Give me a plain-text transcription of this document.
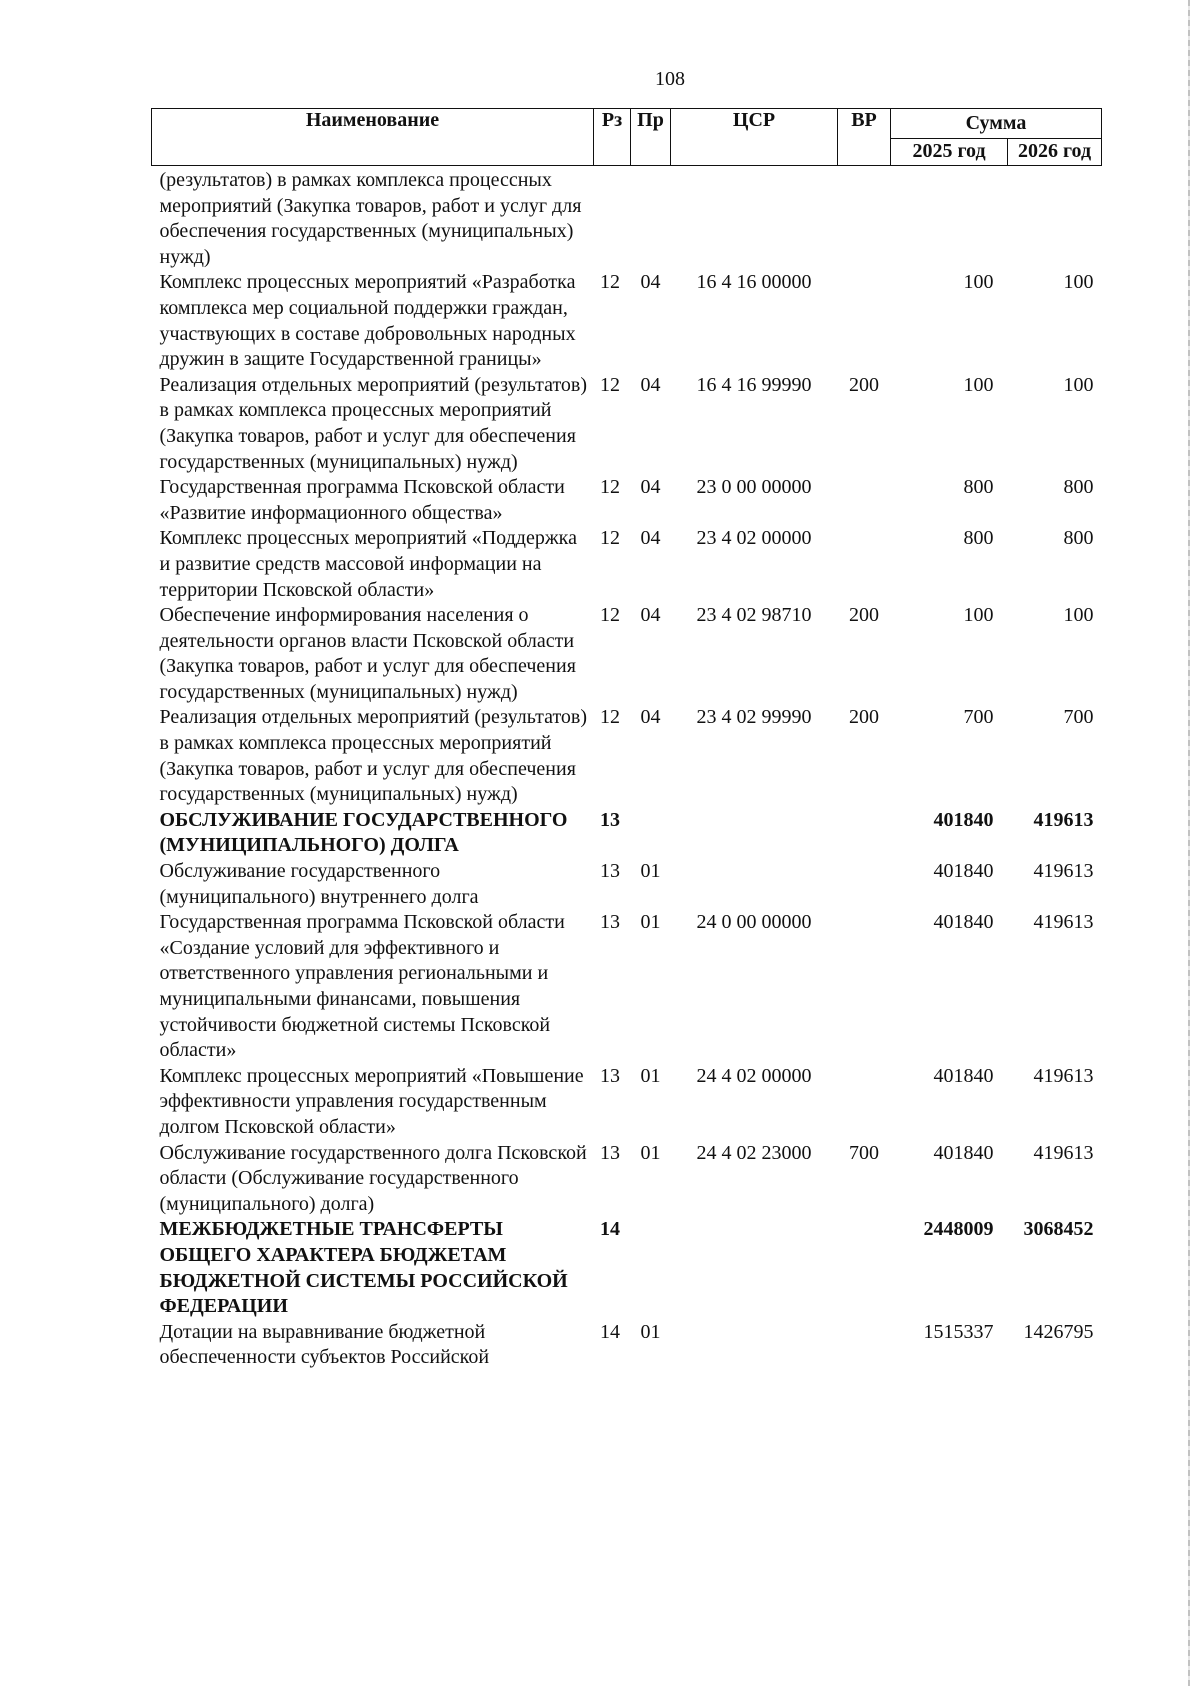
108
Наименование	Рз	Пр	ЦСР	ВР	Сумма	
					2025 год	2026 год
(результатов) в рамках комплекса процессных мероприятий (Закупка товаров, работ и услуг для обеспечения государственных (муниципальных) нужд)						
Комплекс процессных мероприятий «Разработка комплекса мер социальной поддержки граждан, участвующих в составе добровольных народных дружин в защите Государственной границы»	12	04	16 4 16 00000		100	100
Реализация отдельных мероприятий (результатов) в рамках комплекса процессных мероприятий (Закупка товаров, работ и услуг для обеспечения государственных (муниципальных) нужд)	12	04	16 4 16 99990	200	100	100
Государственная программа Псковской области «Развитие информационного общества»	12	04	23 0 00 00000		800	800
Комплекс процессных мероприятий «Поддержка и развитие средств массовой информации на территории Псковской области»	12	04	23 4 02 00000		800	800
Обеспечение информирования населения о деятельности органов власти Псковской области (Закупка товаров, работ и услуг для обеспечения государственных (муниципальных) нужд)	12	04	23 4 02 98710	200	100	100
Реализация отдельных мероприятий (результатов) в рамках комплекса процессных мероприятий (Закупка товаров, работ и услуг для обеспечения государственных (муниципальных) нужд)	12	04	23 4 02 99990	200	700	700
ОБСЛУЖИВАНИЕ ГОСУДАРСТВЕННОГО (МУНИЦИПАЛЬНОГО) ДОЛГА	13				401840	419613
Обслуживание государственного (муниципального) внутреннего долга	13	01			401840	419613
Государственная программа Псковской области «Создание условий для эффективного и ответственного управления региональными и муниципальными финансами, повышения устойчивости бюджетной системы Псковской области»	13	01	24 0 00 00000		401840	419613
Комплекс процессных мероприятий «Повышение эффективности управления государственным долгом Псковской области»	13	01	24 4 02 00000		401840	419613
Обслуживание государственного долга Псковской области (Обслуживание государственного (муниципального) долга)	13	01	24 4 02 23000	700	401840	419613
МЕЖБЮДЖЕТНЫЕ ТРАНСФЕРТЫ ОБЩЕГО ХАРАКТЕРА БЮДЖЕТАМ БЮДЖЕТНОЙ СИСТЕМЫ РОССИЙСКОЙ ФЕДЕРАЦИИ	14				2448009	3068452
Дотации на выравнивание бюджетной обеспеченности субъектов Российской	14	01			1515337	1426795
